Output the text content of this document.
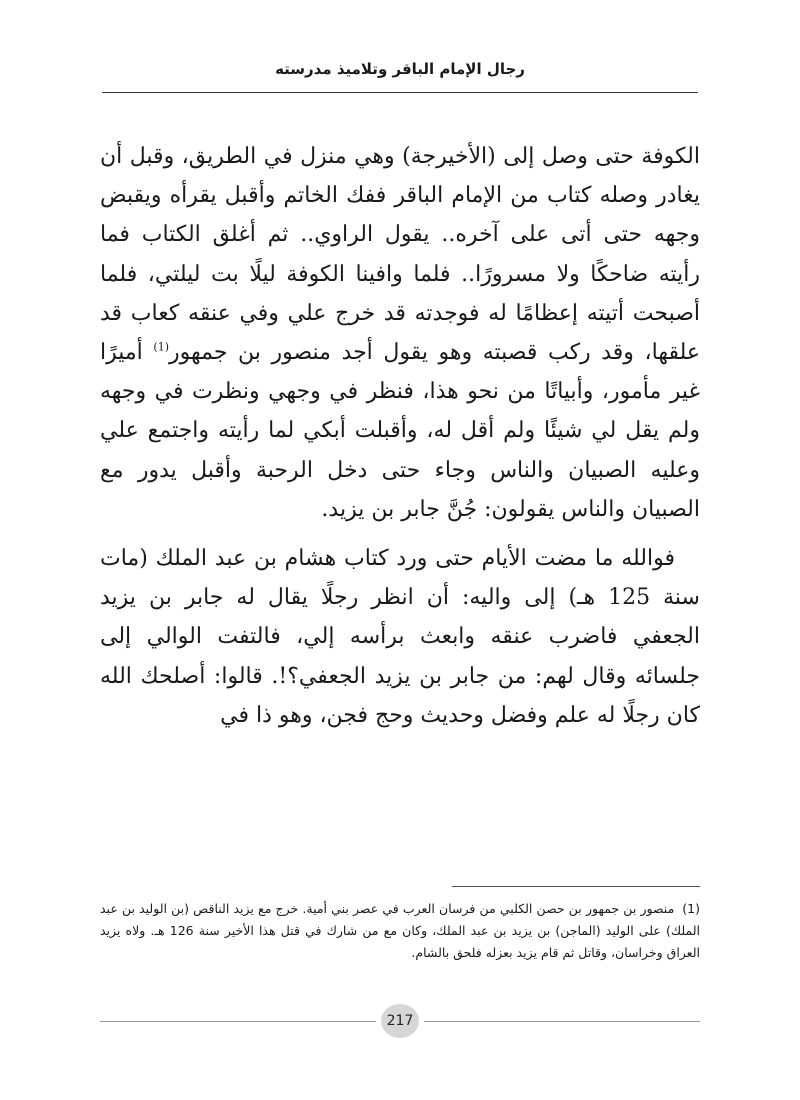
رجال الإمام الباقر وتلاميذ مدرسته

الكوفة حتى وصل إلى (الأخيرجة) وهي منزل في الطريق، وقبل أن يغادر وصله كتاب من الإمام الباقر ففك الخاتم وأقبل يقرأه ويقبض وجهه حتى أتى على آخره.. يقول الراوي.. ثم أغلق الكتاب فما رأيته ضاحكًا ولا مسرورًا.. فلما وافينا الكوفة ليلًا بت ليلتي، فلما أصبحت أتيته إعظامًا له فوجدته قد خرج علي وفي عنقه كعاب قد علقها، وقد ركب قصبته وهو يقول أجد منصور بن جمهور$^{(1)}$ أميرًا غير مأمور، وأبياتًا من نحو هذا، فنظر في وجهي ونظرت في وجهه ولم يقل لي شيئًا ولم أقل له، وأقبلت أبكي لما رأيته واجتمع علي وعليه الصبيان والناس وجاء حتى دخل الرحبة وأقبل يدور مع الصبيان والناس يقولون: جُنَّ جابر بن يزيد.

فوالله ما مضت الأيام حتى ورد كتاب هشام بن عبد الملك (مات سنة 125 هـ) إلى واليه: أن انظر رجلًا يقال له جابر بن يزيد الجعفي فاضرب عنقه وابعث برأسه إلي، فالتفت الوالي إلى جلسائه وقال لهم: من جابر بن يزيد الجعفي؟!. قالوا: أصلحك الله كان رجلًا له علم وفضل وحديث وحج فجن، وهو ذا في

(1)منصور بن جمهور بن حصن الكلبي من فرسان العرب في عصر بني أمية. خرج مع يزيد الناقص (بن الوليد بن عبد الملك) على الوليد (الماجن) بن يزيد بن عبد الملك، وكان مع من شارك في قتل هذا الأخير سنة 126 هـ. ولاه يزيد العراق وخراسان، وقاتل ثم قام يزيد بعزله فلحق بالشام.

217
